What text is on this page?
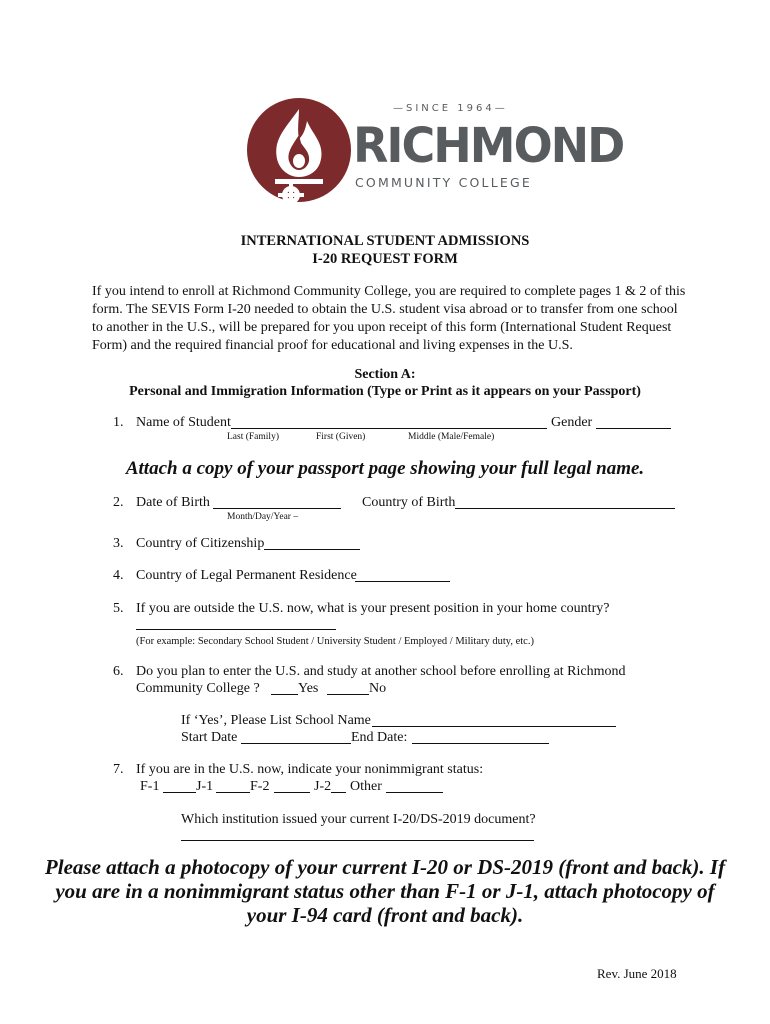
—SINCE 1964—
RICHMOND
COMMUNITY COLLEGE
INTERNATIONAL STUDENT ADMISSIONS
I-20 REQUEST FORM
If you intend to enroll at Richmond Community College, you are required to complete pages 1 & 2 of this form. The SEVIS Form I-20 needed to obtain the U.S. student visa abroad or to transfer from one school to another in the U.S., will be prepared for you upon receipt of this form (International Student Request Form) and the required financial proof for educational and living expenses in the U.S.
Section A:
Personal and Immigration Information (Type or Print as it appears on your Passport)
1. Name of Student	Gender
Last (Family)	First (Given)	Middle (Male/Female)
Attach a copy of your passport page showing your full legal name.
2. Date of Birth	Country of Birth
Month/Day/Year –
3. Country of Citizenship
4. Country of Legal Permanent Residence
5. If you are outside the U.S. now, what is your present position in your home country?
(For example: Secondary School Student / University Student / Employed / Military duty, etc.)
6. Do you plan to enter the U.S. and study at another school before enrolling at Richmond
Community College ?	Yes	No
If ‘Yes’, Please List School Name
Start Date	End Date:
7. If you are in the U.S. now, indicate your nonimmigrant status:
F-1	J-1	F-2	J-2 Other
Which institution issued your current I-20/DS-2019 document?
Please attach a photocopy of your current I-20 or DS-2019 (front and back). If
you are in a nonimmigrant status other than F-1 or J-1, attach photocopy of
your I-94 card (front and back).
Rev. June 2018
